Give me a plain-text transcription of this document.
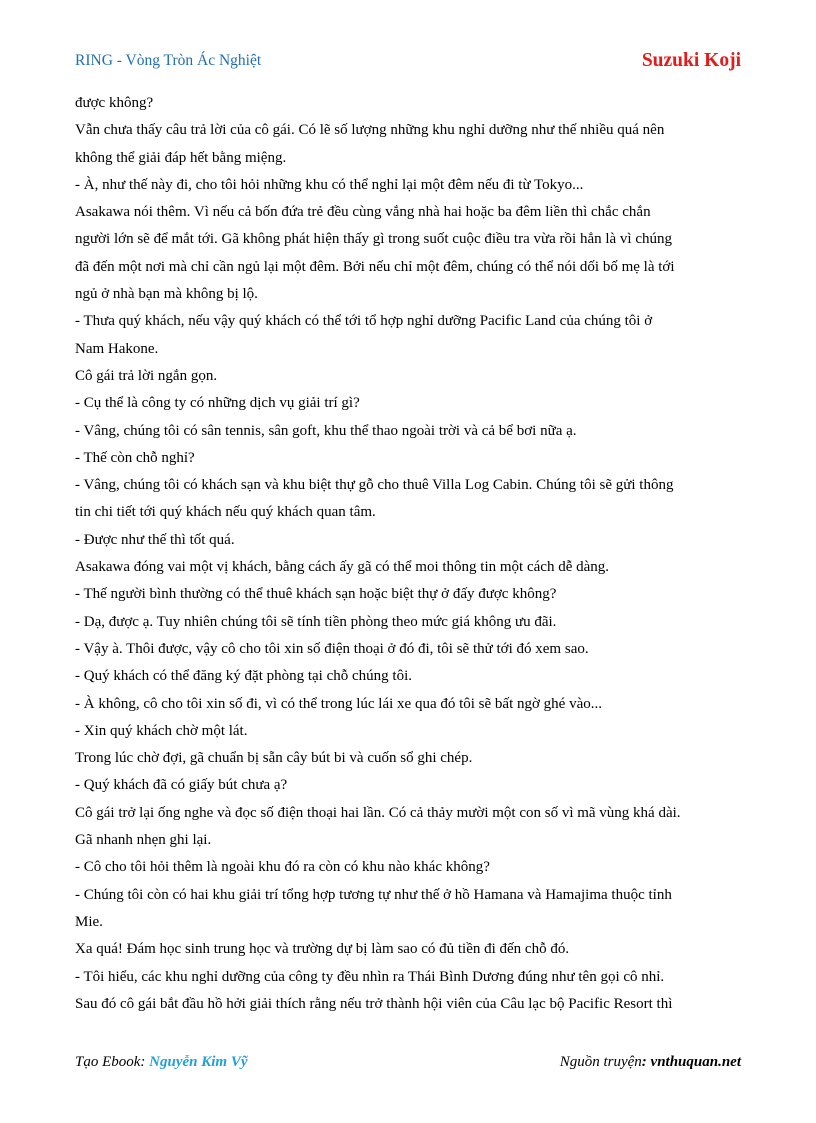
RING - Vòng Tròn Ác Nghiệt	Suzuki Koji
được không?
Vẫn chưa thấy câu trả lời của cô gái. Có lẽ số lượng những khu nghỉ dưỡng như thế nhiều quá nên
không thể giải đáp hết bằng miệng.
- À, như thế này đi, cho tôi hỏi những khu có thể nghỉ lại một đêm nếu đi từ Tokyo...
Asakawa nói thêm. Vì nếu cả bốn đứa trẻ đều cùng vắng nhà hai hoặc ba đêm liền thì chắc chắn
người lớn sẽ để mắt tới. Gã không phát hiện thấy gì trong suốt cuộc điều tra vừa rồi hẳn là vì chúng
đã đến một nơi mà chỉ cần ngủ lại một đêm. Bởi nếu chỉ một đêm, chúng có thể nói dối bố mẹ là tới
ngủ ở nhà bạn mà không bị lộ.
- Thưa quý khách, nếu vậy quý khách có thể tới tổ hợp nghỉ dưỡng Pacific Land của chúng tôi ở
Nam Hakone.
Cô gái trả lời ngắn gọn.
- Cụ thể là công ty có những dịch vụ giải trí gì?
- Vâng, chúng tôi có sân tennis, sân goft, khu thể thao ngoài trời và cả bể bơi nữa ạ.
- Thế còn chỗ nghỉ?
- Vâng, chúng tôi có khách sạn và khu biệt thự gỗ cho thuê Villa Log Cabin. Chúng tôi sẽ gửi thông
tin chi tiết tới quý khách nếu quý khách quan tâm.
- Được như thế thì tốt quá.
Asakawa đóng vai một vị khách, bằng cách ấy gã có thể moi thông tin một cách dễ dàng.
- Thế người bình thường có thể thuê khách sạn hoặc biệt thự ở đấy được không?
- Dạ, được ạ. Tuy nhiên chúng tôi sẽ tính tiền phòng theo mức giá không ưu đãi.
- Vậy à. Thôi được, vậy cô cho tôi xin số điện thoại ở đó đi, tôi sẽ thử tới đó xem sao.
- Quý khách có thể đăng ký đặt phòng tại chỗ chúng tôi.
- À không, cô cho tôi xin số đi, vì có thể trong lúc lái xe qua đó tôi sẽ bất ngờ ghé vào...
- Xin quý khách chờ một lát.
Trong lúc chờ đợi, gã chuẩn bị sẵn cây bút bi và cuốn sổ ghi chép.
- Quý khách đã có giấy bút chưa ạ?
Cô gái trở lại ống nghe và đọc số điện thoại hai lần. Có cả thảy mười một con số vì mã vùng khá dài.
Gã nhanh nhẹn ghi lại.
- Cô cho tôi hỏi thêm là ngoài khu đó ra còn có khu nào khác không?
- Chúng tôi còn có hai khu giải trí tổng hợp tương tự như thế ở hồ Hamana và Hamajima thuộc tỉnh
Mie.
Xa quá! Đám học sinh trung học và trường dự bị làm sao có đủ tiền đi đến chỗ đó.
- Tôi hiểu, các khu nghỉ dưỡng của công ty đều nhìn ra Thái Bình Dương đúng như tên gọi cô nhỉ.
Sau đó cô gái bắt đầu hồ hởi giải thích rằng nếu trở thành hội viên của Câu lạc bộ Pacific Resort thì
Tạo Ebook: Nguyễn Kim Vỹ	Nguồn truyện: vnthuquan.net
